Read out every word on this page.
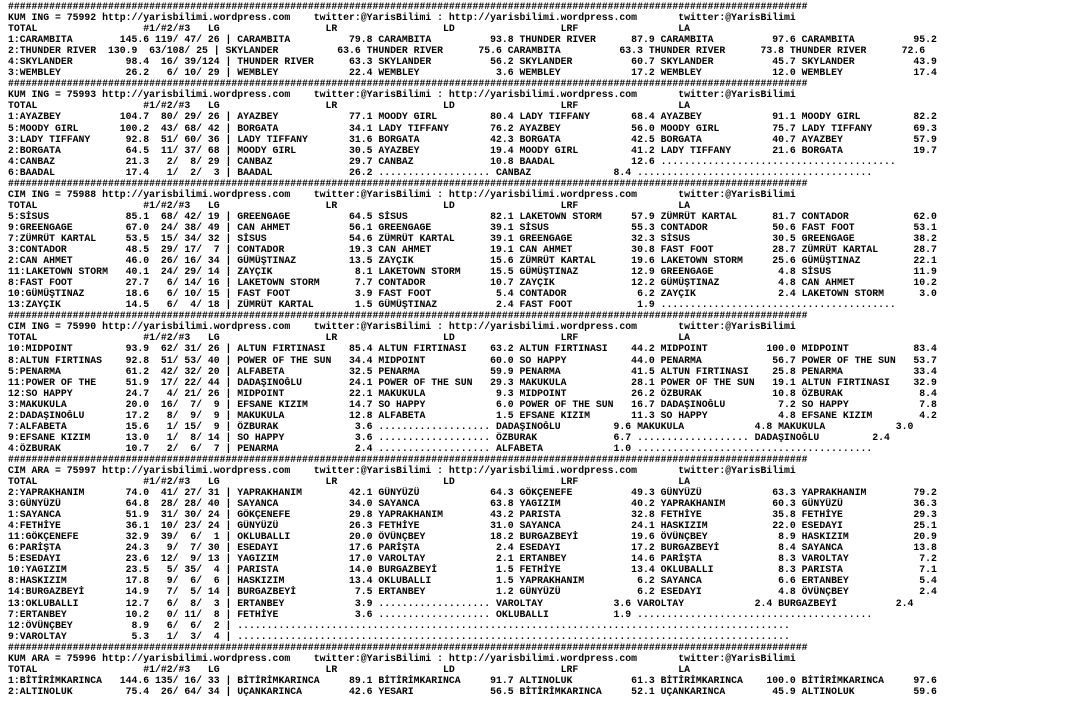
########################################################################################################################################
KUM ING = 75992 http://yarisbilimi.wordpress.com    twitter:@YarisBilimi : http://yarisbilimi.wordpress.com       twitter:@YarisBilimi
TOTAL                  #1/#2/#3   LG                  LR                  LD                  LRF                 LA
1:CARAMBITA        145.6 119/ 47/ 26 | CARAMBITA          79.8 CARAMBITA          93.8 THUNDER RIVER      87.9 CARAMBITA          97.6 CARAMBITA          95.2
2:THUNDER RIVER  130.9  63/108/ 25 | SKYLANDER          63.6 THUNDER RIVER      75.6 CARAMBITA          63.3 THUNDER RIVER      73.8 THUNDER RIVER      72.6
4:SKYLANDER         98.4  16/ 39/124 | THUNDER RIVER      63.3 SKYLANDER          56.2 SKYLANDER          60.7 SKYLANDER          45.7 SKYLANDER          43.9
3:WEMBLEY           26.2   6/ 10/ 29 | WEMBLEY            22.4 WEMBLEY             3.6 WEMBLEY            17.2 WEMBLEY            12.0 WEMBLEY            17.4
########################################################################################################################################
KUM ING = 75993 http://yarisbilimi.wordpress.com    twitter:@YarisBilimi : http://yarisbilimi.wordpress.com       twitter:@YarisBilimi
TOTAL                  #1/#2/#3   LG                  LR                  LD                  LRF                 LA
1:AYAZBEY          104.7  80/ 29/ 26 | AYAZBEY            77.1 MOODY GIRL         80.4 LADY TIFFANY       68.4 AYAZBEY            91.1 MOODY GIRL         82.2
5:MOODY GIRL       100.2  43/ 68/ 42 | BORGATA            34.1 LADY TIFFANY       76.2 AYAZBEY            56.0 MOODY GIRL         75.7 LADY TIFFANY       69.3
3:LADY TIFFANY      92.8  51/ 60/ 36 | LADY TIFFANY       31.6 BORGATA            42.3 BORGATA            42.5 BORGATA            40.7 AYAZBEY            57.9
2:BORGATA           64.5  11/ 37/ 68 | MOODY GIRL         30.5 AYAZBEY            19.4 MOODY GIRL         41.2 LADY TIFFANY       21.6 BORGATA            19.7
4:CANBAZ            21.3   2/  8/ 29 | CANBAZ             29.7 CANBAZ             10.8 BAADAL             12.6 ........................................
6:BAADAL            17.4   1/  2/  3 | BAADAL             26.2 ................... CANBAZ              8.4 ........................................
########################################################################################################################################
CIM ING = 75988 http://yarisbilimi.wordpress.com    twitter:@YarisBilimi : http://yarisbilimi.wordpress.com       twitter:@YarisBilimi
TOTAL                  #1/#2/#3   LG                  LR                  LD                  LRF                 LA
5:SİSUS             85.1  68/ 42/ 19 | GREENGAGE          64.5 SİSUS              82.1 LAKETOWN STORM     57.9 ZÜMRÜT KARTAL      81.7 CONTADOR           62.0
9:GREENGAGE         67.0  24/ 38/ 49 | CAN AHMET          56.1 GREENGAGE          39.1 SİSUS              55.3 CONTADOR           50.6 FAST FOOT          53.1
7:ZÜMRÜT KARTAL     53.5  15/ 34/ 32 | SİSUS              54.6 ZÜMRÜT KARTAL      39.1 GREENGAGE          32.3 SİSUS              30.5 GREENGAGE          38.2
3:CONTADOR          48.5  29/ 17/  7 | CONTADOR           19.3 CAN AHMET          19.1 CAN AHMET          30.8 FAST FOOT          28.7 ZÜMRÜT KARTAL      28.7
2:CAN AHMET         46.0  26/ 16/ 34 | GÜMÜŞTINAZ         13.5 ZAYÇIK             15.6 ZÜMRÜT KARTAL      19.6 LAKETOWN STORM     25.6 GÜMÜŞTINAZ         22.1
11:LAKETOWN STORM   40.1  24/ 29/ 14 | ZAYÇIK              8.1 LAKETOWN STORM     15.5 GÜMÜŞTINAZ         12.9 GREENGAGE           4.8 SİSUS              11.9
8:FAST FOOT         27.7   6/ 14/ 16 | LAKETOWN STORM      7.7 CONTADOR           10.7 ZAYÇIK             12.2 GÜMÜŞTINAZ          4.8 CAN AHMET          10.2
10:GÜMÜŞTINAZ       18.6   6/ 10/ 15 | FAST FOOT           3.9 FAST FOOT           5.4 CONTADOR            6.2 ZAYÇIK              2.4 LAKETOWN STORM      3.0
13:ZAYÇIK           14.5   6/  4/ 18 | ZÜMRÜT KARTAL       1.5 GÜMÜŞTINAZ          2.4 FAST FOOT           1.9 ........................................
########################################################################################################################################
CIM ING = 75990 http://yarisbilimi.wordpress.com    twitter:@YarisBilimi : http://yarisbilimi.wordpress.com       twitter:@YarisBilimi
TOTAL                  #1/#2/#3   LG                  LR                  LD                  LRF                 LA
10:MIDPOINT         93.9  62/ 31/ 26 | ALTUN FIRTINASI    85.4 ALTUN FIRTINASI    63.2 ALTUN FIRTINASI    44.2 MIDPOINT          100.0 MIDPOINT           83.4
8:ALTUN FIRTINAS    92.8  51/ 53/ 40 | POWER OF THE SUN   34.4 MIDPOINT           60.0 SO HAPPY           44.0 PENARMA            56.7 POWER OF THE SUN   53.7
5:PENARMA           61.2  42/ 32/ 20 | ALFABETA           32.5 PENARMA            59.9 PENARMA            41.5 ALTUN FIRTINASI    25.8 PENARMA            33.4
11:POWER OF THE     51.9  17/ 22/ 44 | DADAŞINOĞLU        24.1 POWER OF THE SUN   29.3 MAKUKULA           28.1 POWER OF THE SUN   19.1 ALTUN FIRTINASI    32.9
12:SO HAPPY         24.7   4/ 21/ 26 | MIDPOINT           22.1 MAKUKULA            9.3 MIDPOINT           26.2 ÖZBURAK            10.8 ÖZBURAK             8.4
3:MAKUKULA          20.0  16/  7/  9 | EFSANE KIZIM       14.7 SO HAPPY            6.0 POWER OF THE SUN   16.7 DADAŞINOĞLU         7.2 SO HAPPY            7.8
2:DADAŞINOĞLU       17.2   8/  9/  9 | MAKUKULA           12.8 ALFABETA            1.5 EFSANE KIZIM       11.3 SO HAPPY            4.8 EFSANE KIZIM        4.2
7:ALFABETA          15.6   1/ 15/  9 | ÖZBURAK             3.6 ................... DADAŞINOĞLU         9.6 MAKUKULA            4.8 MAKUKULA            3.0
9:EFSANE KIZIM      13.0   1/  8/ 14 | SO HAPPY            3.6 ................... ÖZBURAK             6.7 ................... DADAŞINOĞLU         2.4
4:ÖZBURAK           10.7   2/  6/  7 | PENARMA             2.4 ................... ALFABETA            1.0 ........................................
########################################################################################################################################
CIM ARA = 75997 http://yarisbilimi.wordpress.com    twitter:@YarisBilimi : http://yarisbilimi.wordpress.com       twitter:@YarisBilimi
TOTAL                  #1/#2/#3   LG                  LR                  LD                  LRF                 LA
2:YAPRAKHANIM       74.0  41/ 27/ 31 | YAPRAKHANIM        42.1 GÜNYÜZÜ            64.3 GÖKÇENEFE          49.3 GÜNYÜZÜ            63.3 YAPRAKHANIM        79.2
3:GÜNYÜZÜ           64.8  28/ 28/ 40 | SAYANCA            34.0 SAYANCA            63.8 YAGIZIM            40.2 YAPRAKHANIM        60.3 GÜNYÜZÜ            36.3
1:SAYANCA           51.9  31/ 30/ 24 | GÖKÇENEFE          29.8 YAPRAKHANIM        43.2 PARISTA            32.8 FETHİYE            35.8 FETHİYE            29.3
4:FETHİYE           36.1  10/ 23/ 24 | GÜNYÜZÜ            26.3 FETHİYE            31.0 SAYANCA            24.1 HASKIZIM           22.0 ESEDAYI            25.1
11:GÖKÇENEFE        32.9  39/  6/  1 | OKLUBALLI          20.0 ÖVÜNÇBEY           18.2 BURGAZBEYİ         19.6 ÖVÜNÇBEY            8.9 HASKIZIM           20.9
6:PARİŞTA           24.3   9/  7/ 30 | ESEDAYI            17.6 PARİŞTA             2.4 ESEDAYI            17.2 BURGAZBEYİ          8.4 SAYANCA            13.8
5:ESEDAYI           23.6  12/  9/ 13 | YAGIZIM            17.0 VAROLTAY            2.1 ERTANBEY           14.6 PARİŞTA             8.3 VAROLTAY            7.2
10:YAGIZIM          23.5   5/ 35/  4 | PARISTA            14.0 BURGAZBEYİ          1.5 FETHİYE            13.4 OKLUBALLI           8.3 PARISTA             7.1
8:HASKIZIM          17.8   9/  6/  6 | HASKIZIM           13.4 OKLUBALLI           1.5 YAPRAKHANIM         6.2 SAYANCA             6.6 ERTANBEY            5.4
14:BURGAZBEYİ       14.9   7/  5/ 14 | BURGAZBEYİ          7.5 ERTANBEY            1.2 GÜNYÜZÜ             6.2 ESEDAYI             4.8 ÖVÜNÇBEY            2.4
13:OKLUBALLI        12.7   6/  8/  3 | ERTANBEY            3.9 ................... VAROLTAY            3.6 VAROLTAY            2.4 BURGAZBEYİ          2.4
7:ERTANBEY          10.2   0/ 11/  8 | FETHİYE             3.6 ................... OKLUBALLI           1.9 ........................................
12:ÖVÜNÇBEY          8.9   6/  6/  2 | ..............................................................................................
9:VAROLTAY           5.3   1/  3/  4 | ..............................................................................................
########################################################################################################################################
KUM ARA = 75996 http://yarisbilimi.wordpress.com    twitter:@YarisBilimi : http://yarisbilimi.wordpress.com       twitter:@YarisBilimi
TOTAL                  #1/#2/#3   LG                  LR                  LD                  LRF                 LA
1:BİTİRİMKARINCA   144.6 135/ 16/ 33 | BİTİRİMKARINCA     89.1 BİTİRİMKARINCA     91.7 ALTINOLUK          61.3 BİTİRİMKARINCA    100.0 BİTİRİMKARINCA     97.6
2:ALTINOLUK         75.4  26/ 64/ 34 | UÇANKARINCA        42.6 YESARI             56.5 BİTİRİMKARINCA     52.1 UÇANKARINCA        45.9 ALTINOLUK          59.6
